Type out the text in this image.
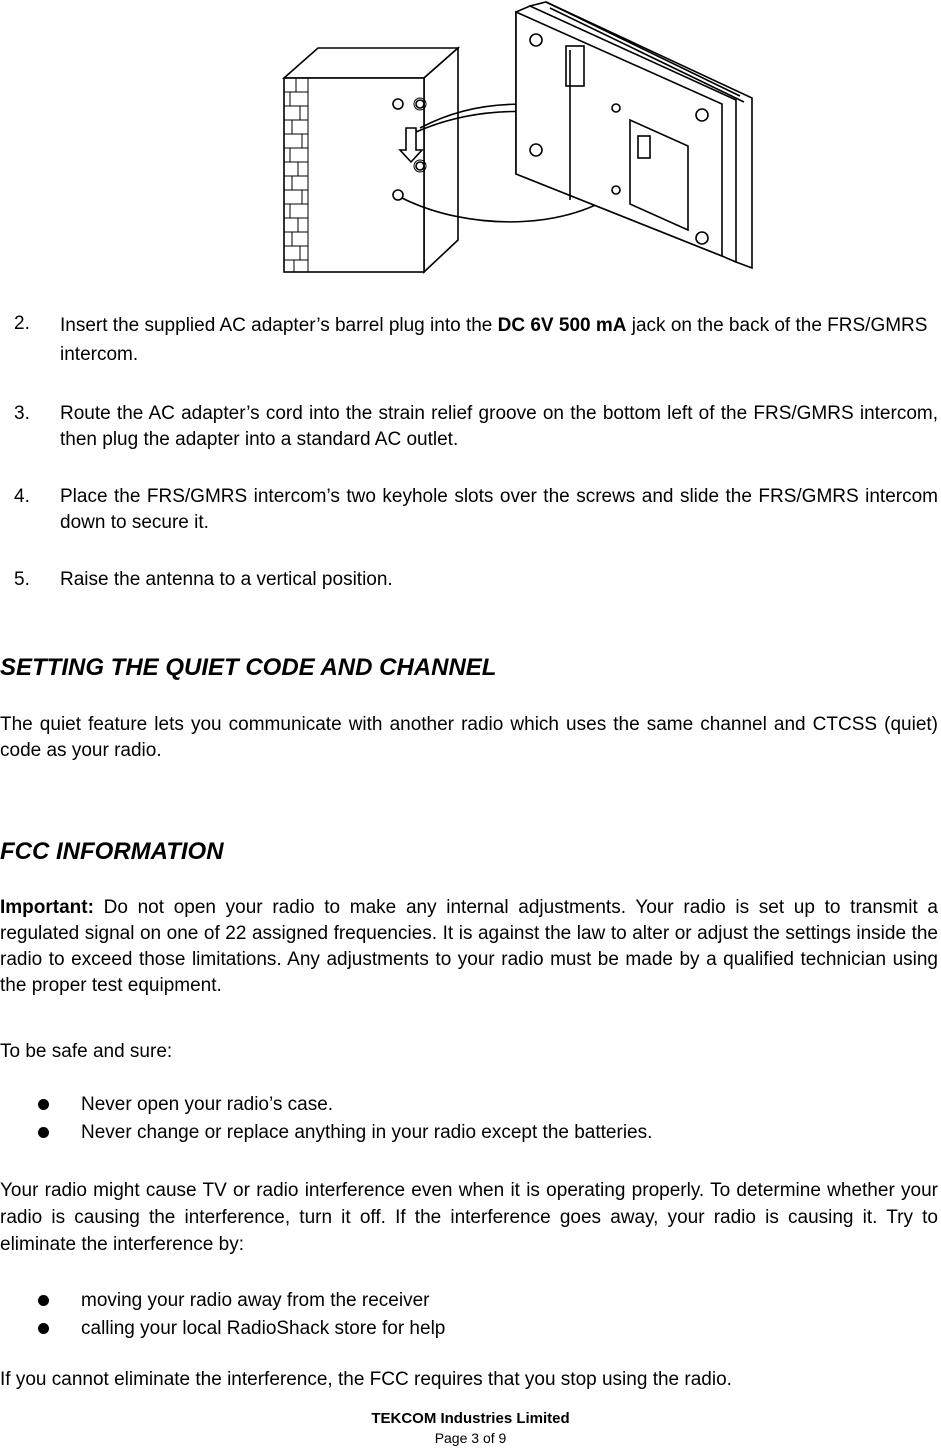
2.	Insert the supplied AC adapter’s barrel plug into the DC 6V 500 mA jack on the back of the FRS/GMRS intercom.
3.	Route the AC adapter’s cord into the strain relief groove on the bottom left of the FRS/GMRS intercom, then plug the adapter into a standard AC outlet.
4.	Place the FRS/GMRS intercom’s two keyhole slots over the screws and slide the FRS/GMRS intercom down to secure it.
5.	Raise the antenna to a vertical position.
SETTING THE QUIET CODE AND CHANNEL
The quiet feature lets you communicate with another radio which uses the same channel and CTCSS (quiet) code as your radio.
FCC INFORMATION
Important: Do not open your radio to make any internal adjustments. Your radio is set up to transmit a regulated signal on one of 22 assigned frequencies. It is against the law to alter or adjust the settings inside the radio to exceed those limitations. Any adjustments to your radio must be made by a qualified technician using the proper test equipment.
To be safe and sure:
Never open your radio’s case.
Never change or replace anything in your radio except the batteries.
Your radio might cause TV or radio interference even when it is operating properly. To determine whether your radio is causing the interference, turn it off. If the interference goes away, your radio is causing it. Try to eliminate the interference by:
moving your radio away from the receiver
calling your local RadioShack store for help
If you cannot eliminate the interference, the FCC requires that you stop using the radio.
TEKCOM Industries Limited
Page 3 of 9
